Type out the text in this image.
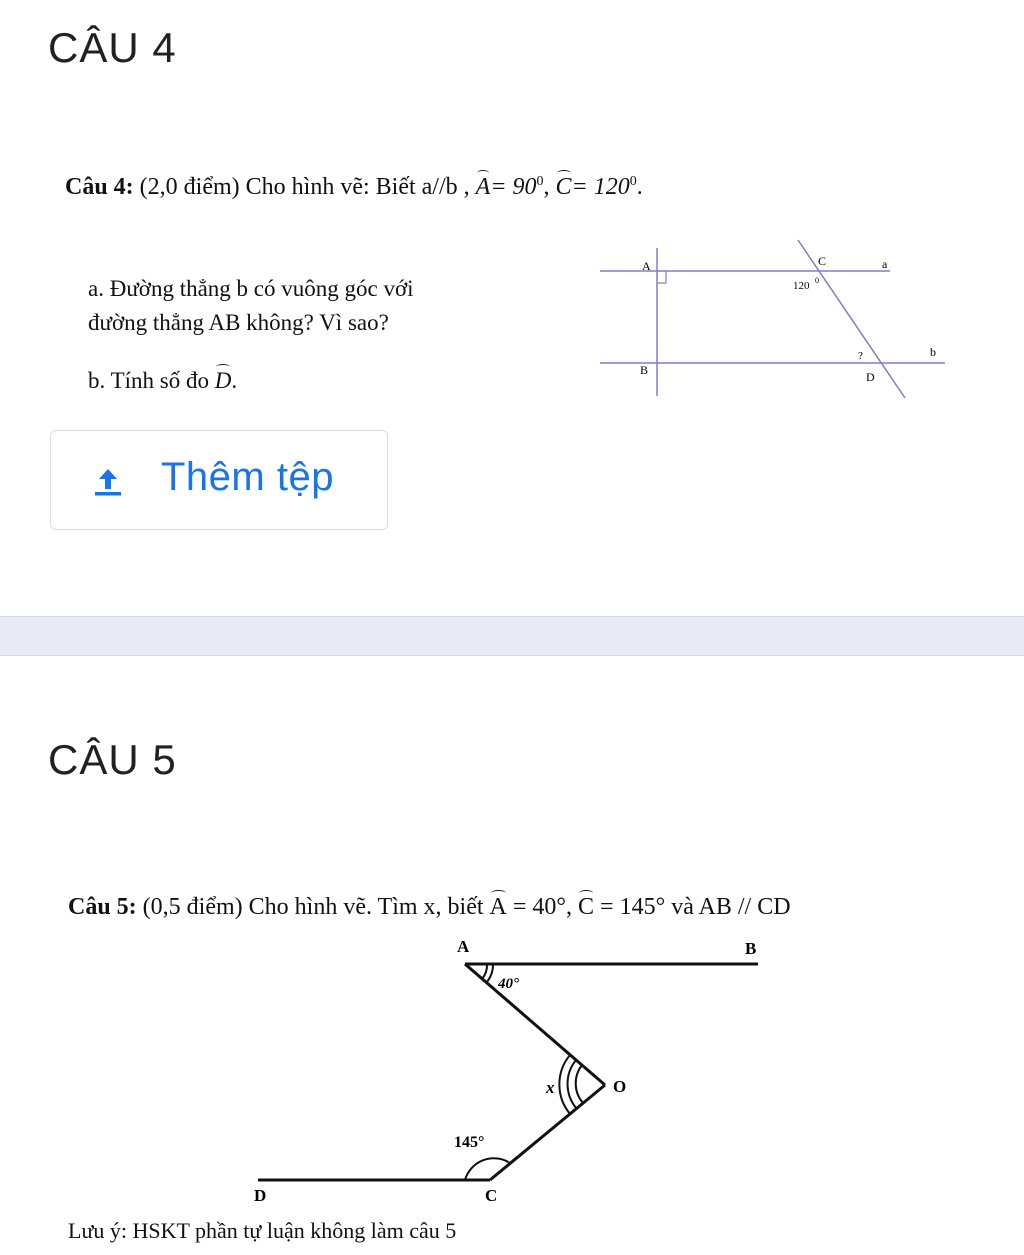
CÂU 4
Câu 4: (2,0 điểm) Cho hình vẽ: Biết a//b , $A= 90^0$, $C= 120^0$.
a. Đường thẳng b có vuông góc với
đường thẳng AB không? Vì sao?
b. Tính số đo D.
A
B
C
D
a
b
120 0
?
Thêm tệp
CÂU 5
Câu 5: (0,5 điểm) Cho hình vẽ. Tìm x, biết A = 40°, C = 145° và AB // CD
A	B
D	C
O
x
40°
145°
Lưu ý: HSKT phần tự luận không làm câu 5
